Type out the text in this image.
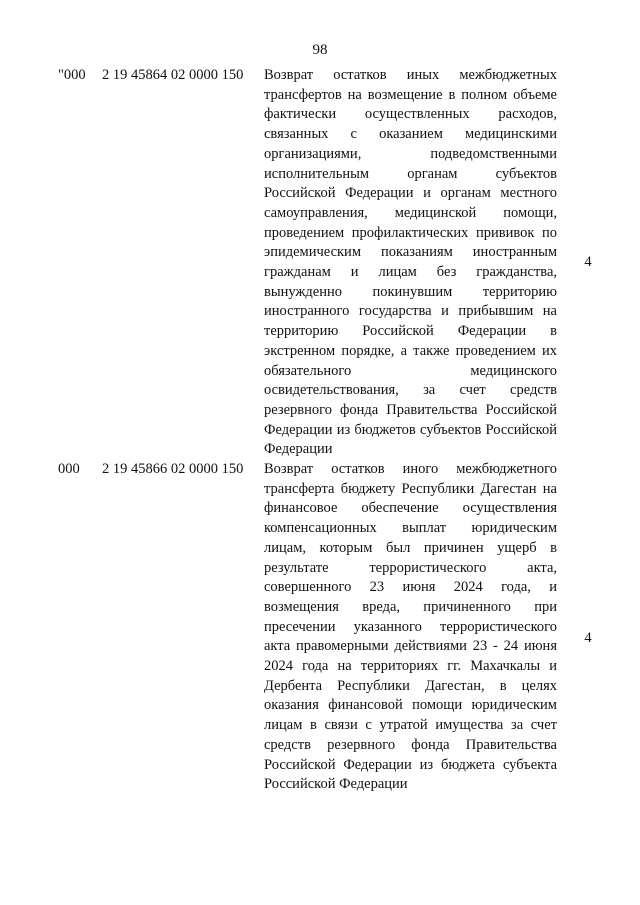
98
"000 2 19 45864 02 0000 150 Возврат остатков иных межбюджетных трансфертов на возмещение в полном объеме фактически осуществленных расходов, связанных с оказанием медицинскими организациями, подведомственными исполнительным органам субъектов Российской Федерации и органам местного самоуправления, медицинской помощи, проведением профилактических прививок по эпидемическим показаниям иностранным гражданам и лицам без гражданства, вынужденно покинувшим территорию иностранного государства и прибывшим на территорию Российской Федерации в экстренном порядке, а также проведением их обязательного медицинского освидетельствования, за счет средств резервного фонда Правительства Российской Федерации из бюджетов субъектов Российской Федерации

4
000 2 19 45866 02 0000 150 Возврат остатков иного межбюджетного трансферта бюджету Республики Дагестан на финансовое обеспечение осуществления компенсационных выплат юридическим лицам, которым был причинен ущерб в результате террористического акта, совершенного 23 июня 2024 года, и возмещения вреда, причиненного при пресечении указанного террористического акта правомерными действиями 23 - 24 июня 2024 года на территориях гг. Махачкалы и Дербента Республики Дагестан, в целях оказания финансовой помощи юридическим лицам в связи с утратой имущества за счет средств резервного фонда Правительства Российской Федерации из бюджета субъекта Российской Федерации

4
